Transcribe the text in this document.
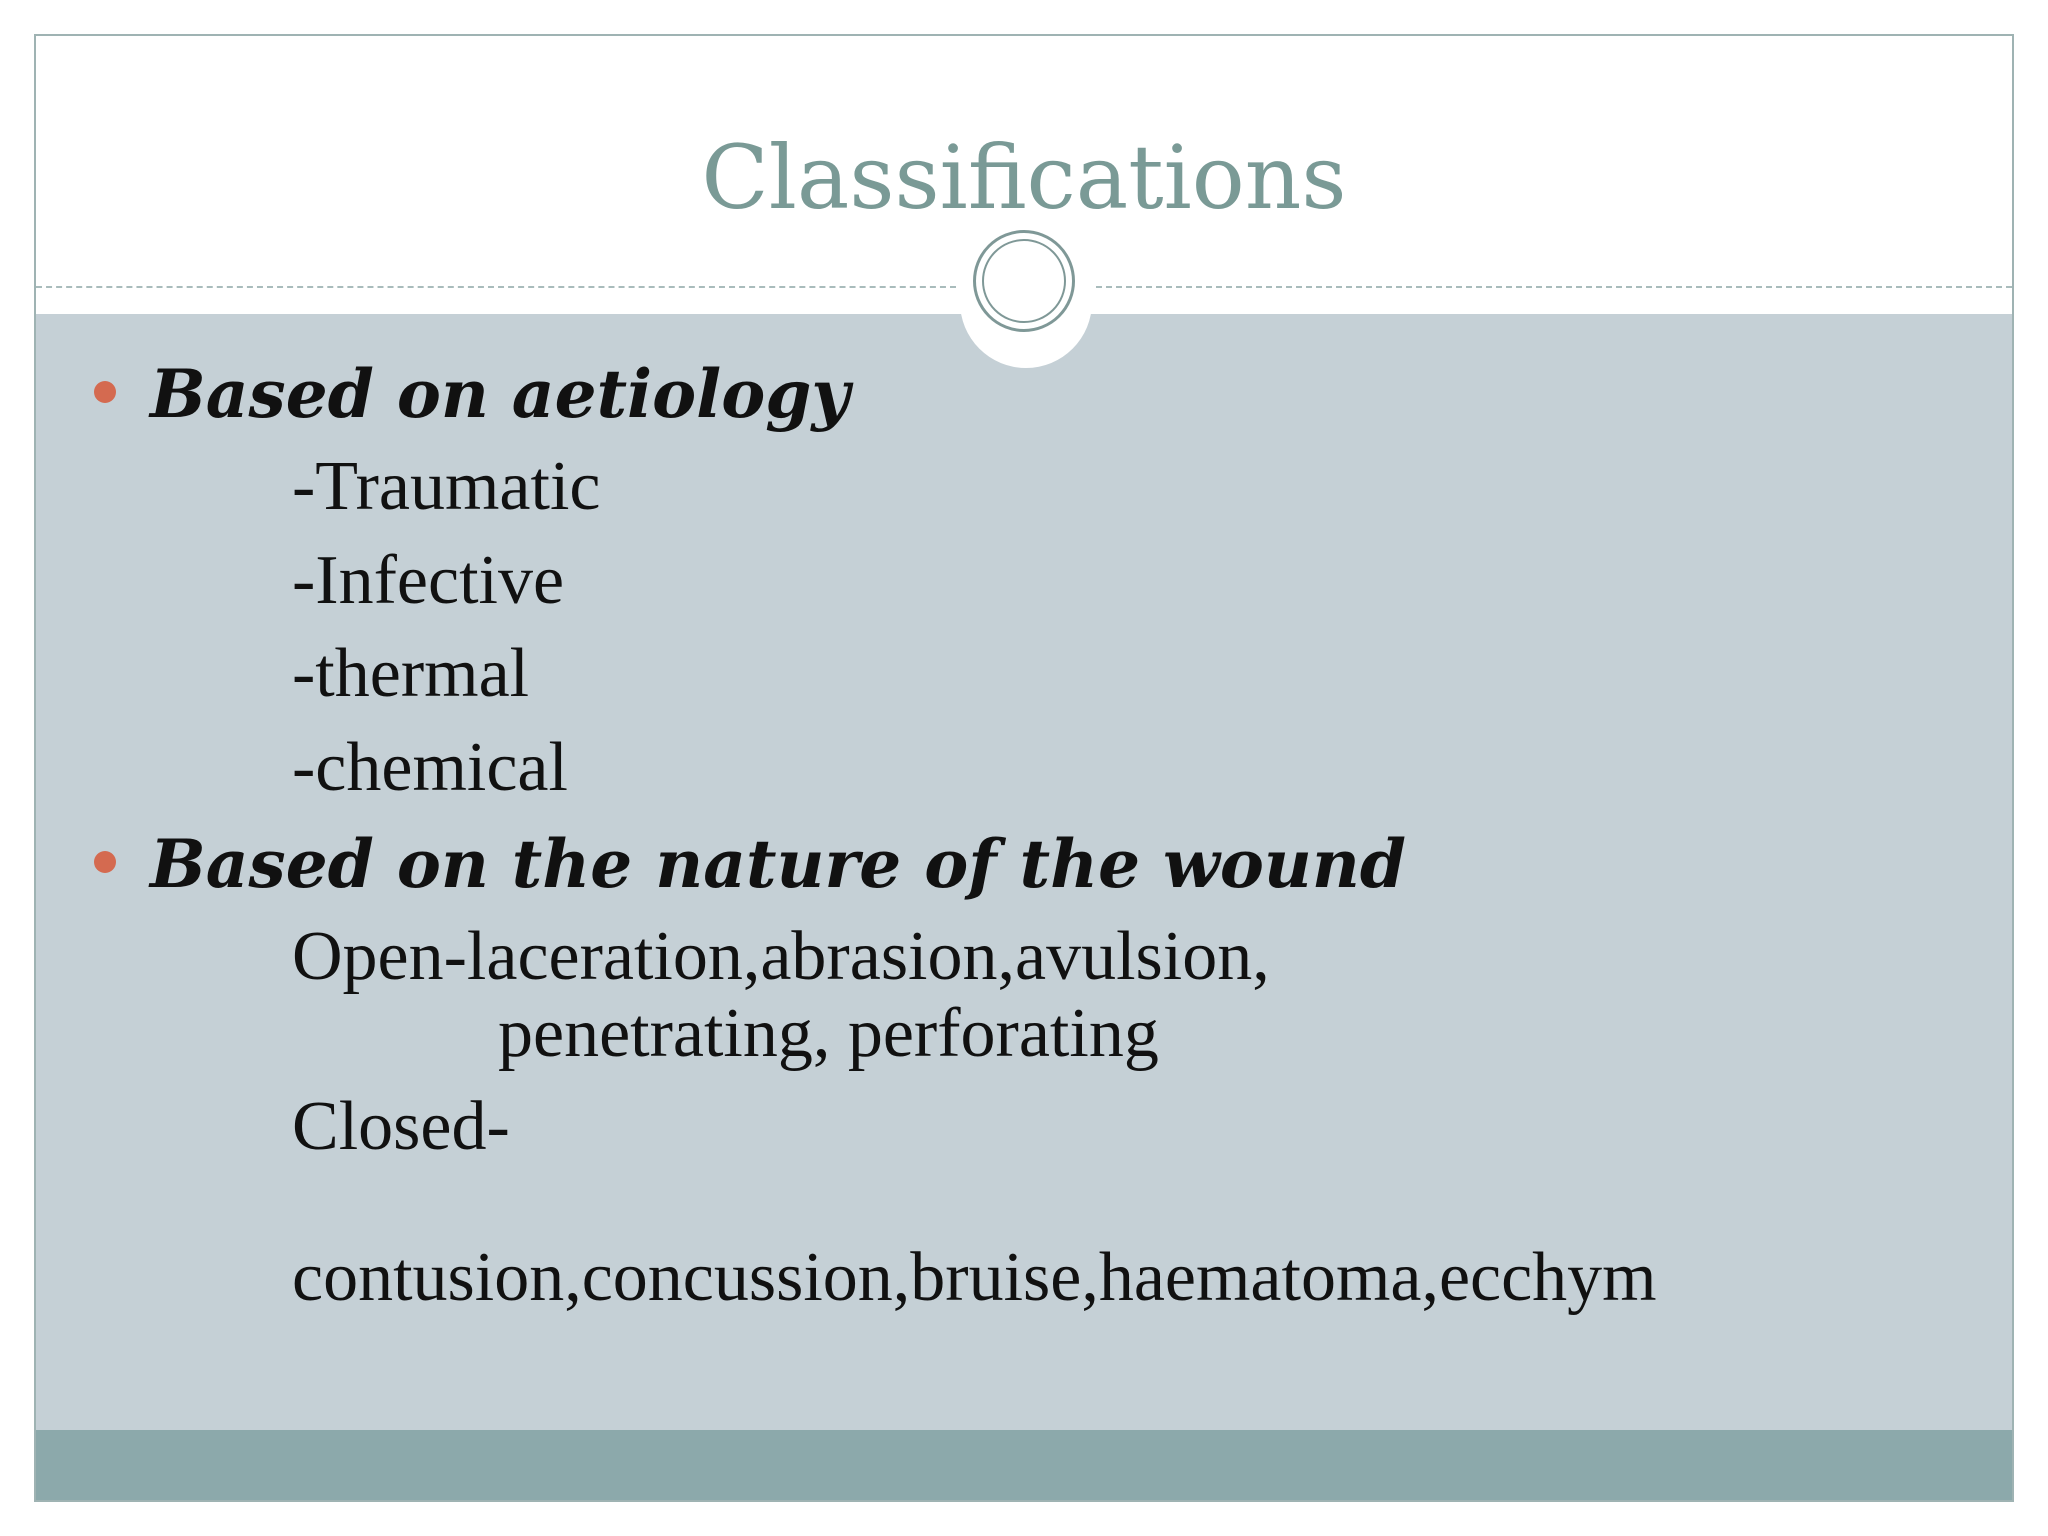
Classifications
Based on aetiology
-Traumatic
-Infective
-thermal
-chemical
Based on the nature of the wound
Open-laceration,abrasion,avulsion,
penetrating, perforating
Closed-
contusion,concussion,bruise,haematoma,ecchym
